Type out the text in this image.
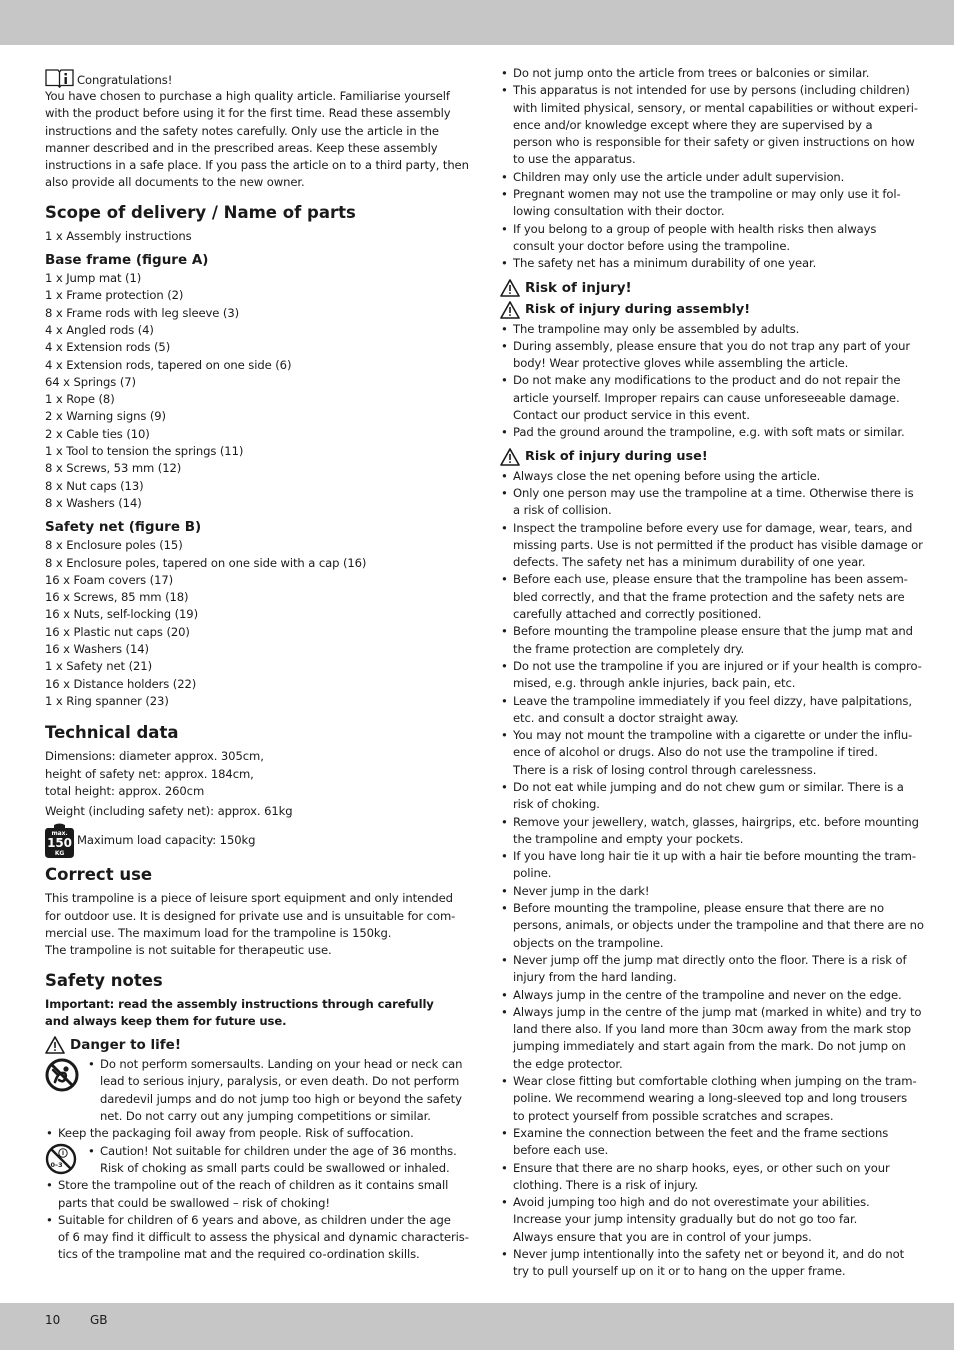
Congratulations!
You have chosen to purchase a high quality article. Familiarise yourself
with the product before using it for the first time. Read these assembly
instructions and the safety notes carefully. Only use the article in the
manner described and in the prescribed areas. Keep these assembly
instructions in a safe place. If you pass the article on to a third party, then
also provide all documents to the new owner.
Scope of delivery / Name of parts
1 x Assembly instructions
Base frame (figure A)
1 x Jump mat (1)
1 x Frame protection (2)
8 x Frame rods with leg sleeve (3)
4 x Angled rods (4)
4 x Extension rods (5)
4 x Extension rods, tapered on one side (6)
64 x Springs (7)
1 x Rope (8)
2 x Warning signs (9)
2 x Cable ties (10)
1 x Tool to tension the springs (11)
8 x Screws, 53 mm (12)
8 x Nut caps (13)
8 x Washers (14)
Safety net (figure B)
8 x Enclosure poles (15)
8 x Enclosure poles, tapered on one side with a cap (16)
16 x Foam covers (17)
16 x Screws, 85 mm (18)
16 x Nuts, self-locking (19)
16 x Plastic nut caps (20)
16 x Washers (14)
1 x Safety net (21)
16 x Distance holders (22)
1 x Ring spanner (23)
Technical data
Dimensions: diameter approx. 305cm,
height of safety net: approx. 184cm,
total height: approx. 260cm
Weight (including safety net): approx. 61kg
max.
150
KG
Maximum load capacity: 150kg
Correct use
This trampoline is a piece of leisure sport equipment and only intended
for outdoor use. It is designed for private use and is unsuitable for com-
mercial use. The maximum load for the trampoline is 150kg.
The trampoline is not suitable for therapeutic use.
Safety notes
Important: read the assembly instructions through carefully
and always keep them for future use.
Danger to life!
• Do not perform somersaults. Landing on your head or neck can
lead to serious injury, paralysis, or even death. Do not perform
daredevil jumps and do not jump too high or beyond the safety
net. Do not carry out any jumping competitions or similar.
• Keep the packaging foil away from people. Risk of suffocation.
0–3
• Caution! Not suitable for children under the age of 36 months.
Risk of choking as small parts could be swallowed or inhaled.
• Store the trampoline out of the reach of children as it contains small
parts that could be swallowed – risk of choking!
• Suitable for children of 6 years and above, as children under the age
of 6 may find it difficult to assess the physical and dynamic characteris-
tics of the trampoline mat and the required co-ordination skills.
• Do not jump onto the article from trees or balconies or similar.
• This apparatus is not intended for use by persons (including children)
with limited physical, sensory, or mental capabilities or without experi-
ence and/or knowledge except where they are supervised by a
person who is responsible for their safety or given instructions on how
to use the apparatus.
• Children may only use the article under adult supervision.
• Pregnant women may not use the trampoline or may only use it fol-
lowing consultation with their doctor.
• If you belong to a group of people with health risks then always
consult your doctor before using the trampoline.
• The safety net has a minimum durability of one year.
Risk of injury!
Risk of injury during assembly!
• The trampoline may only be assembled by adults.
• During assembly, please ensure that you do not trap any part of your
body! Wear protective gloves while assembling the article.
• Do not make any modifications to the product and do not repair the
article yourself. Improper repairs can cause unforeseeable damage.
Contact our product service in this event.
• Pad the ground around the trampoline, e.g. with soft mats or similar.
Risk of injury during use!
• Always close the net opening before using the article.
• Only one person may use the trampoline at a time. Otherwise there is
a risk of collision.
• Inspect the trampoline before every use for damage, wear, tears, and
missing parts. Use is not permitted if the product has visible damage or
defects. The safety net has a minimum durability of one year.
• Before each use, please ensure that the trampoline has been assem-
bled correctly, and that the frame protection and the safety nets are
carefully attached and correctly positioned.
• Before mounting the trampoline please ensure that the jump mat and
the frame protection are completely dry.
• Do not use the trampoline if you are injured or if your health is compro-
mised, e.g. through ankle injuries, back pain, etc.
• Leave the trampoline immediately if you feel dizzy, have palpitations,
etc. and consult a doctor straight away.
• You may not mount the trampoline with a cigarette or under the influ-
ence of alcohol or drugs. Also do not use the trampoline if tired.
There is a risk of losing control through carelessness.
• Do not eat while jumping and do not chew gum or similar. There is a
risk of choking.
• Remove your jewellery, watch, glasses, hairgrips, etc. before mounting
the trampoline and empty your pockets.
• If you have long hair tie it up with a hair tie before mounting the tram-
poline.
• Never jump in the dark!
• Before mounting the trampoline, please ensure that there are no
persons, animals, or objects under the trampoline and that there are no
objects on the trampoline.
• Never jump off the jump mat directly onto the floor. There is a risk of
injury from the hard landing.
• Always jump in the centre of the trampoline and never on the edge.
• Always jump in the centre of the jump mat (marked in white) and try to
land there also. If you land more than 30cm away from the mark stop
jumping immediately and start again from the mark. Do not jump on
the edge protector.
• Wear close fitting but comfortable clothing when jumping on the tram-
poline. We recommend wearing a long-sleeved top and long trousers
to protect yourself from possible scratches and scrapes.
• Examine the connection between the feet and the frame sections
before each use.
• Ensure that there are no sharp hooks, eyes, or other such on your
clothing. There is a risk of injury.
• Avoid jumping too high and do not overestimate your abilities.
Increase your jump intensity gradually but do not go too far.
Always ensure that you are in control of your jumps.
• Never jump intentionally into the safety net or beyond it, and do not
try to pull yourself up on it or to hang on the upper frame.
10 GB
